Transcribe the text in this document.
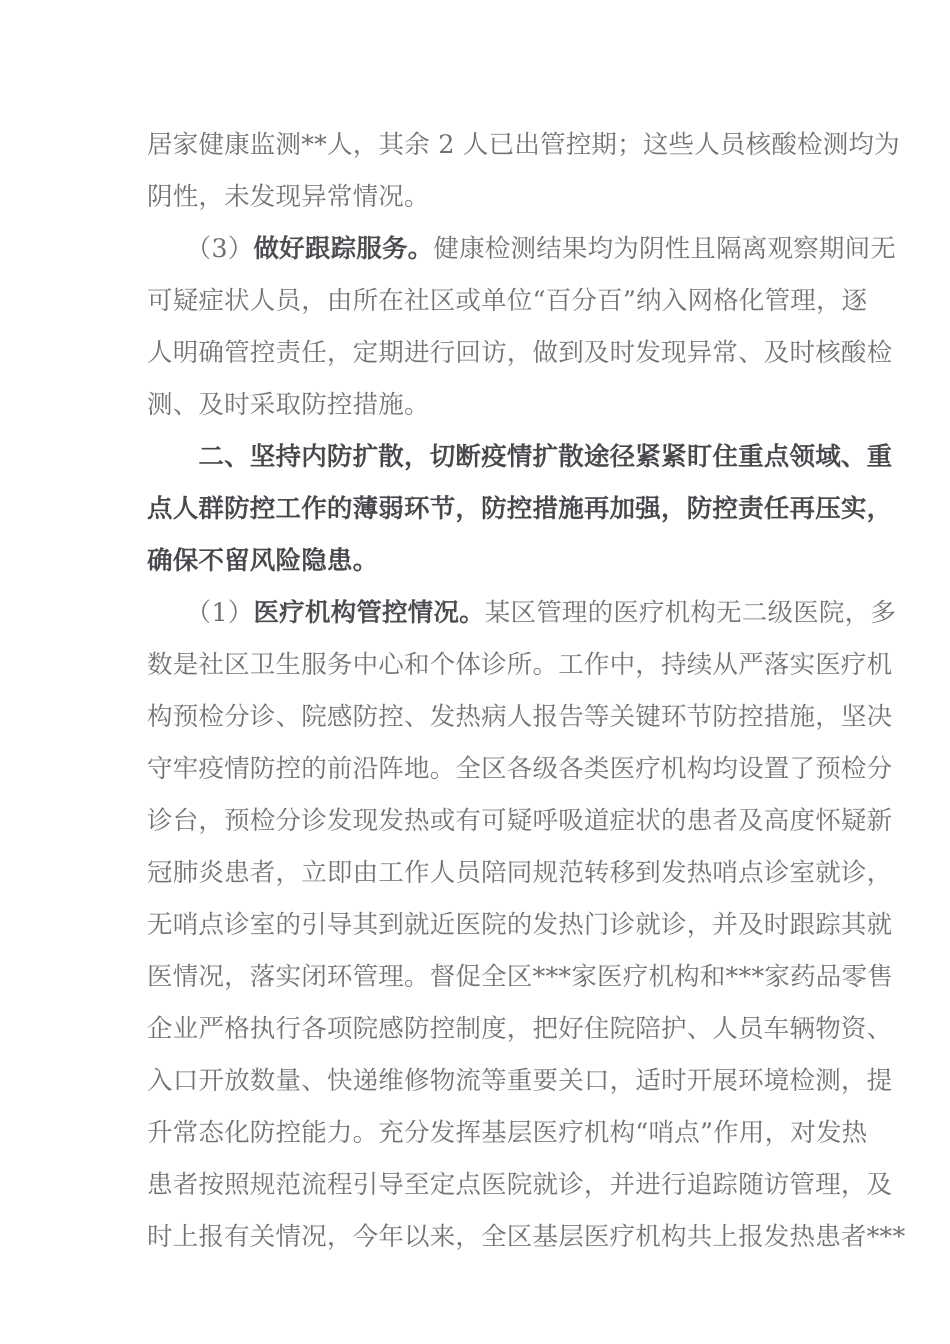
居家健康监测**人，其余 2 人已出管控期；这些人员核酸检测均为
阴性，未发现异常情况。
　　（3）做好跟踪服务。健康检测结果均为阴性且隔离观察期间无
可疑症状人员，由所在社区或单位“百分百”纳入网格化管理，逐
人明确管控责任，定期进行回访，做到及时发现异常、及时核酸检
测、及时采取防控措施。
　　二、坚持内防扩散，切断疫情扩散途径紧紧盯住重点领域、重
点人群防控工作的薄弱环节，防控措施再加强，防控责任再压实，
确保不留风险隐患。
　　（1）医疗机构管控情况。某区管理的医疗机构无二级医院，多
数是社区卫生服务中心和个体诊所。工作中，持续从严落实医疗机
构预检分诊、院感防控、发热病人报告等关键环节防控措施，坚决
守牢疫情防控的前沿阵地。全区各级各类医疗机构均设置了预检分
诊台，预检分诊发现发热或有可疑呼吸道症状的患者及高度怀疑新
冠肺炎患者，立即由工作人员陪同规范转移到发热哨点诊室就诊，
无哨点诊室的引导其到就近医院的发热门诊就诊，并及时跟踪其就
医情况，落实闭环管理。督促全区***家医疗机构和***家药品零售
企业严格执行各项院感防控制度，把好住院陪护、人员车辆物资、
入口开放数量、快递维修物流等重要关口，适时开展环境检测，提
升常态化防控能力。充分发挥基层医疗机构“哨点”作用，对发热
患者按照规范流程引导至定点医院就诊，并进行追踪随访管理，及
时上报有关情况，今年以来，全区基层医疗机构共上报发热患者***
